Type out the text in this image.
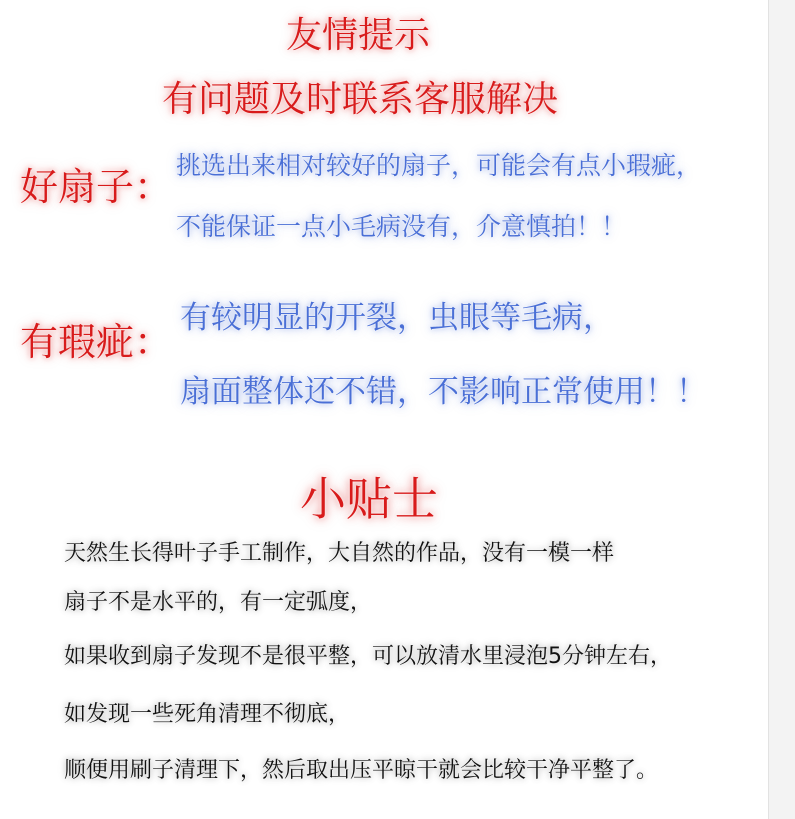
友情提示
有问题及时联系客服解决
好扇子： 挑选出来相对较好的扇子，可能会有点小瑕疵，
不能保证一点小毛病没有，介意慎拍！！
有瑕疵：
有较明显的开裂，虫眼等毛病，
扇面整体还不错，不影响正常使用！！
小贴士
天然生长得叶子手工制作，大自然的作品，没有一模一样
扇子不是水平的，有一定弧度，
如果收到扇子发现不是很平整，可以放清水里浸泡5分钟左右，
如发现一些死角清理不彻底，
顺便用刷子清理下，然后取出压平晾干就会比较干净平整了。
